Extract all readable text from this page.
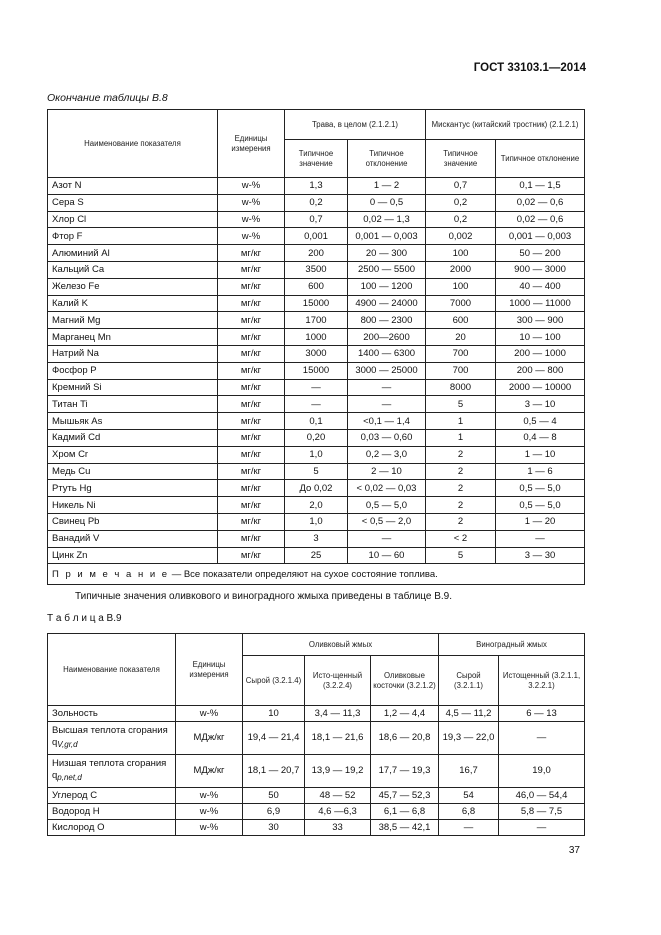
ГОСТ 33103.1—2014
Окончание таблицы В.8
Наименование показателя	Единицы измерения	Трава, в целом (2.1.2.1)		Мискантус (китайский тростник) (2.1.2.1)	
		Типичное значение	Типичное отклонение	Типичное значение	Типичное отклонение
Азот N	w-%	1,3	1 — 2	0,7	0,1 — 1,5
Сера S	w-%	0,2	0 — 0,5	0,2	0,02 — 0,6
Хлор Cl	w-%	0,7	0,02 — 1,3	0,2	0,02 — 0,6
Фтор F	w-%	0,001	0,001 — 0,003	0,002	0,001 — 0,003
Алюминий Al	мг/кг	200	20 — 300	100	50 — 200
Кальций Ca	мг/кг	3500	2500 — 5500	2000	900 — 3000
Железо Fe	мг/кг	600	100 — 1200	100	40 — 400
Калий K	мг/кг	15000	4900 — 24000	7000	1000 — 11000
Магний Mg	мг/кг	1700	800 — 2300	600	300 — 900
Марганец Mn	мг/кг	1000	200—2600	20	10 — 100
Натрий Na	мг/кг	3000	1400 — 6300	700	200 — 1000
Фосфор P	мг/кг	15000	3000 — 25000	700	200 — 800
Кремний Si	мг/кг	—	—	8000	2000 — 10000
Титан Ti	мг/кг	—	—	5	3 — 10
Мышьяк As	мг/кг	0,1	<0,1 — 1,4	1	0,5 — 4
Кадмий Cd	мг/кг	0,20	0,03 — 0,60	1	0,4 — 8
Хром Cr	мг/кг	1,0	0,2 — 3,0	2	1 — 10
Медь Cu	мг/кг	5	2 — 10	2	1 — 6
Ртуть Hg	мг/кг	До 0,02	< 0,02 — 0,03	2	0,5 — 5,0
Никель Ni	мг/кг	2,0	0,5 — 5,0	2	0,5 — 5,0
Свинец Pb	мг/кг	1,0	< 0,5 — 2,0	2	1 — 20
Ванадий V	мг/кг	3	—	< 2	—
Цинк Zn	мг/кг	25	10 — 60	5	3 — 30
П р и м е ч а н и е — Все показатели определяют на сухое состояние топлива.					
Типичные значения оливкового и виноградного жмыха приведены в таблице В.9.
Т а б л и ц а В.9
Наименование показателя	Единицы измерения	Оливковый жмых			Виноградный жмых	
		Сырой (3.2.1.4)	Исто-щенный (3.2.2.4)	Оливковые косточки (3.2.1.2)	Сырой (3.2.1.1)	Истощенный (3.2.1.1, 3.2.2.1)
Зольность	w-%	10	3,4 — 11,3	1,2 — 4,4	4,5 — 11,2	6 — 13
Высшая теплота сгорания $q_{V,gr,d}$	МДж/кг	19,4 — 21,4	18,1 — 21,6	18,6 — 20,8	19,3 — 22,0	—
Низшая теплота сгорания $q_{p,net,d}$	МДж/кг	18,1 — 20,7	13,9 — 19,2	17,7 — 19,3	16,7	19,0
Углерод C	w-%	50	48 — 52	45,7 — 52,3	54	46,0 — 54,4
Водород H	w-%	6,9	4,6 —6,3	6,1 — 6,8	6,8	5,8 — 7,5
Кислород O	w-%	30	33	38,5 — 42,1	—	—
37
